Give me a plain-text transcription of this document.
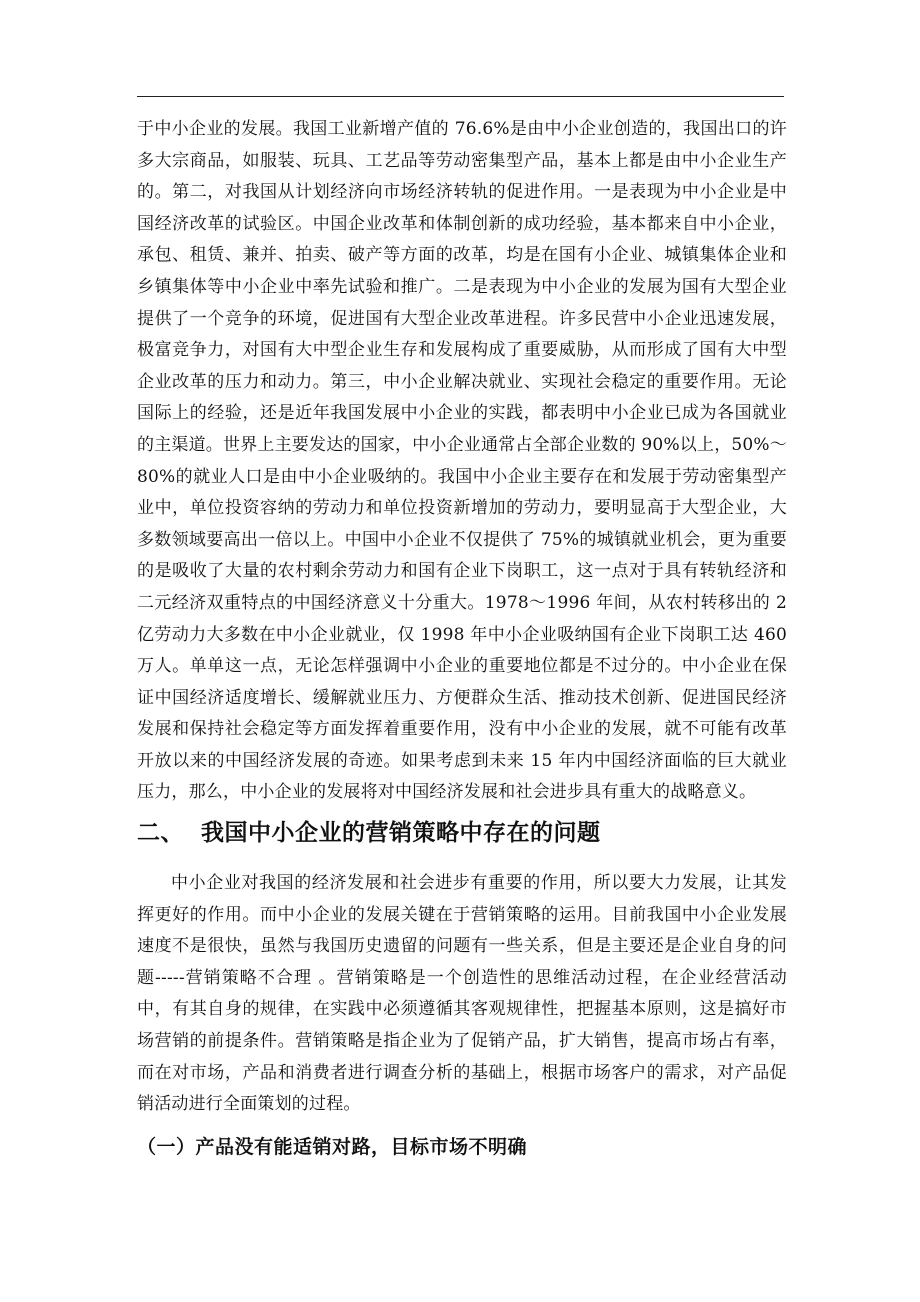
于中小企业的发展。我国工业新增产值的 76.6%是由中小企业创造的，我国出口的许多大宗商品，如服装、玩具、工艺品等劳动密集型产品，基本上都是由中小企业生产的。第二，对我国从计划经济向市场经济转轨的促进作用。一是表现为中小企业是中国经济改革的试验区。中国企业改革和体制创新的成功经验，基本都来自中小企业，承包、租赁、兼并、拍卖、破产等方面的改革，均是在国有小企业、城镇集体企业和乡镇集体等中小企业中率先试验和推广。二是表现为中小企业的发展为国有大型企业提供了一个竞争的环境，促进国有大型企业改革进程。许多民营中小企业迅速发展，极富竞争力，对国有大中型企业生存和发展构成了重要威胁，从而形成了国有大中型企业改革的压力和动力。第三，中小企业解决就业、实现社会稳定的重要作用。无论国际上的经验，还是近年我国发展中小企业的实践，都表明中小企业已成为各国就业的主渠道。世界上主要发达的国家，中小企业通常占全部企业数的 90%以上，50%～80%的就业人口是由中小企业吸纳的。我国中小企业主要存在和发展于劳动密集型产业中，单位投资容纳的劳动力和单位投资新增加的劳动力，要明显高于大型企业，大多数领域要高出一倍以上。中国中小企业不仅提供了 75%的城镇就业机会，更为重要的是吸收了大量的农村剩余劳动力和国有企业下岗职工，这一点对于具有转轨经济和二元经济双重特点的中国经济意义十分重大。1978～1996 年间，从农村转移出的 2 亿劳动力大多数在中小企业就业，仅 1998 年中小企业吸纳国有企业下岗职工达 460 万人。单单这一点，无论怎样强调中小企业的重要地位都是不过分的。中小企业在保证中国经济适度增长、缓解就业压力、方便群众生活、推动技术创新、促进国民经济发展和保持社会稳定等方面发挥着重要作用，没有中小企业的发展，就不可能有改革开放以来的中国经济发展的奇迹。如果考虑到未来 15 年内中国经济面临的巨大就业压力，那么，中小企业的发展将对中国经济发展和社会进步具有重大的战略意义。

二、 我国中小企业的营销策略中存在的问题

中小企业对我国的经济发展和社会进步有重要的作用，所以要大力发展，让其发挥更好的作用。而中小企业的发展关键在于营销策略的运用。目前我国中小企业发展速度不是很快，虽然与我国历史遗留的问题有一些关系，但是主要还是企业自身的问题-----营销策略不合理 。营销策略是一个创造性的思维活动过程，在企业经营活动中，有其自身的规律，在实践中必须遵循其客观规律性，把握基本原则，这是搞好市场营销的前提条件。营销策略是指企业为了促销产品，扩大销售，提高市场占有率，而在对市场，产品和消费者进行调查分析的基础上，根据市场客户的需求，对产品促销活动进行全面策划的过程。

（一）产品没有能适销对路，目标市场不明确
